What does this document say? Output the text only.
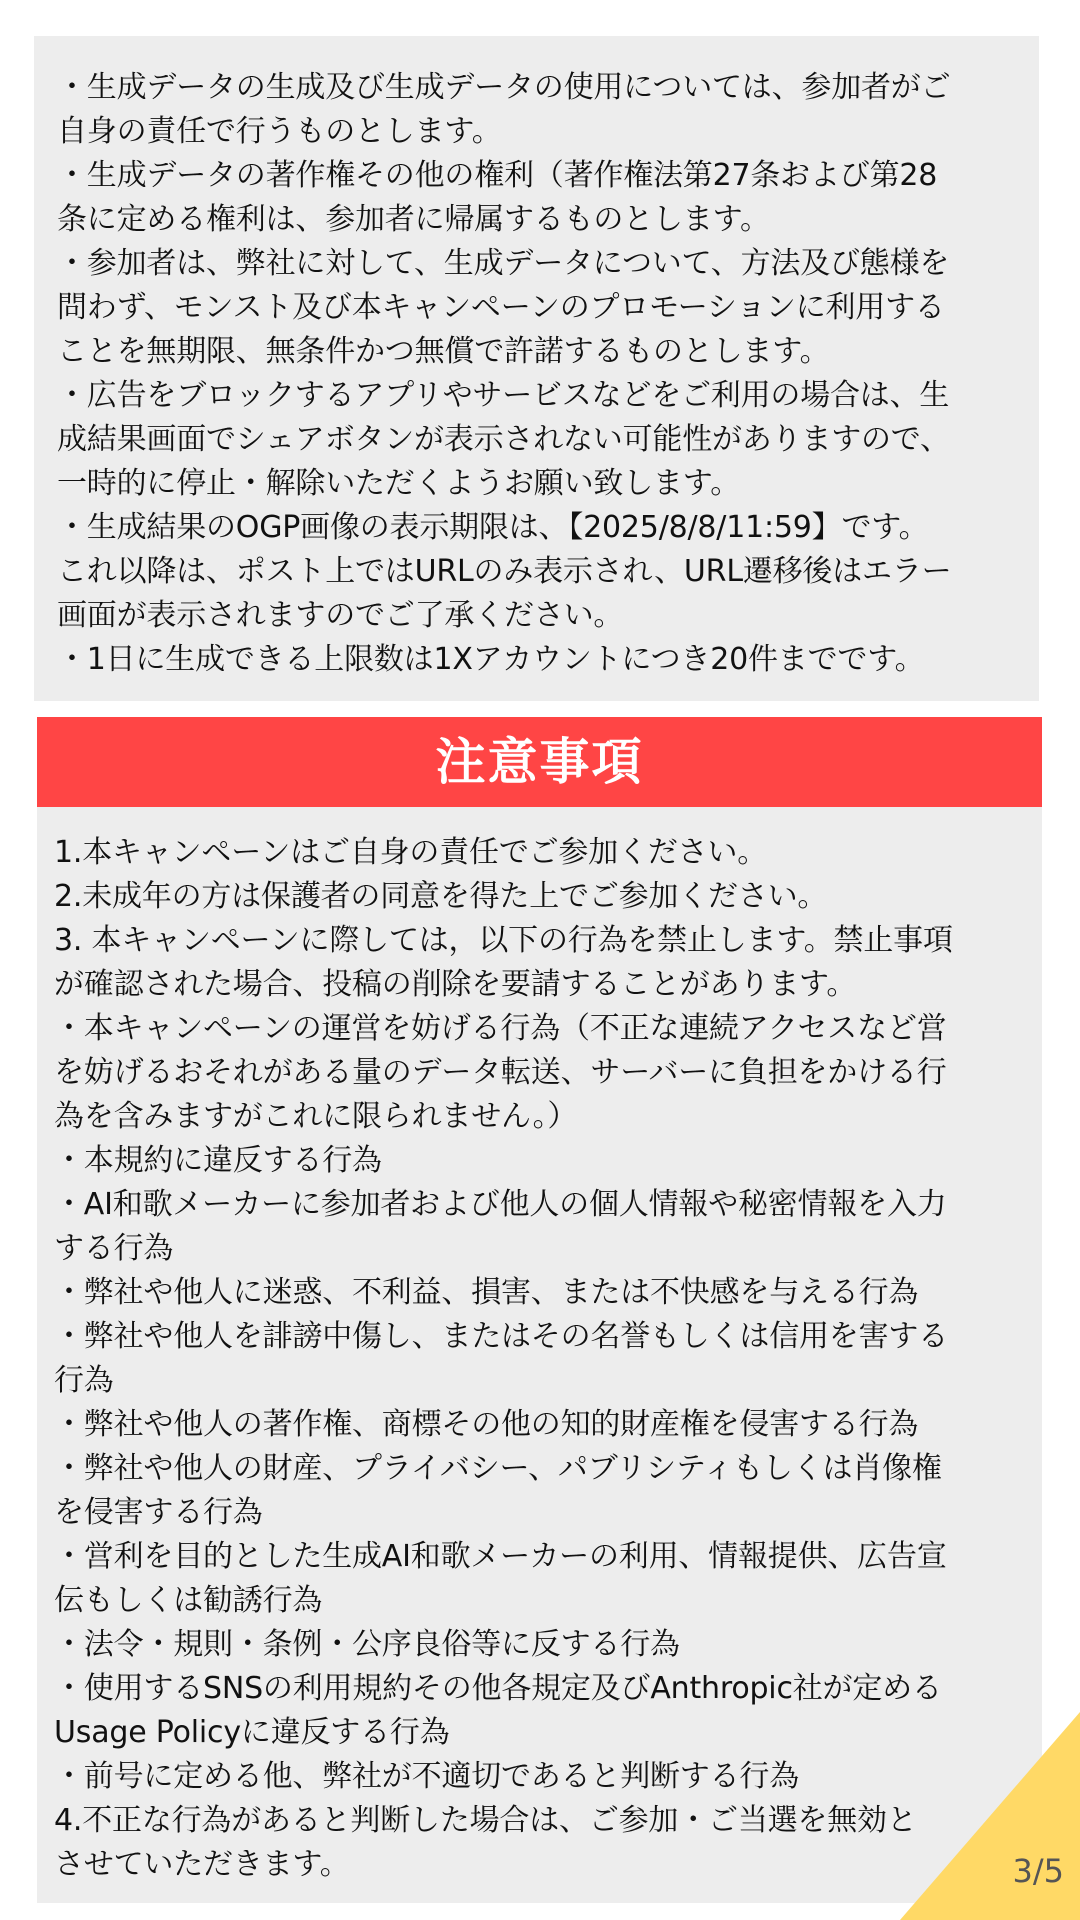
・生成データの生成及び生成データの使用については、参加者がご
自身の責任で行うものとします。
・生成データの著作権その他の権利（著作権法第27条および第28
条に定める権利は、参加者に帰属するものとします。
・参加者は、弊社に対して、生成データについて、方法及び態様を
問わず、モンスト及び本キャンペーンのプロモーションに利用する
ことを無期限、無条件かつ無償で許諾するものとします。
・広告をブロックするアプリやサービスなどをご利用の場合は、生
成結果画面でシェアボタンが表示されない可能性がありますので、
一時的に停止・解除いただくようお願い致します。
・生成結果のOGP画像の表示期限は、【2025/8/8/11:59】です。
これ以降は、ポスト上ではURLのみ表示され、URL遷移後はエラー
画面が表示されますのでご了承ください。
・1日に生成できる上限数は1Xアカウントにつき20件までです。
注意事項
1.本キャンペーンはご自身の責任でご参加ください。
2.未成年の方は保護者の同意を得た上でご参加ください。
3. 本キャンペーンに際しては，以下の行為を禁止します。禁止事項
が確認された場合、投稿の削除を要請することがあります。
・本キャンペーンの運営を妨げる行為（不正な連続アクセスなど営
を妨げるおそれがある量のデータ転送、サーバーに負担をかける行
為を含みますがこれに限られません。）
・本規約に違反する行為
・AI和歌メーカーに参加者および他人の個人情報や秘密情報を入力
する行為
・弊社や他人に迷惑、不利益、損害、または不快感を与える行為
・弊社や他人を誹謗中傷し、またはその名誉もしくは信用を害する
行為
・弊社や他人の著作権、商標その他の知的財産権を侵害する行為
・弊社や他人の財産、プライバシー、パブリシティもしくは肖像権
を侵害する行為
・営利を目的とした生成AI和歌メーカーの利用、情報提供、広告宣
伝もしくは勧誘行為
・法令・規則・条例・公序良俗等に反する行為
・使用するSNSの利用規約その他各規定及びAnthropic社が定める
Usage Policyに違反する行為
・前号に定める他、弊社が不適切であると判断する行為
4.不正な行為があると判断した場合は、ご参加・ご当選を無効と
させていただきます。	3/5
